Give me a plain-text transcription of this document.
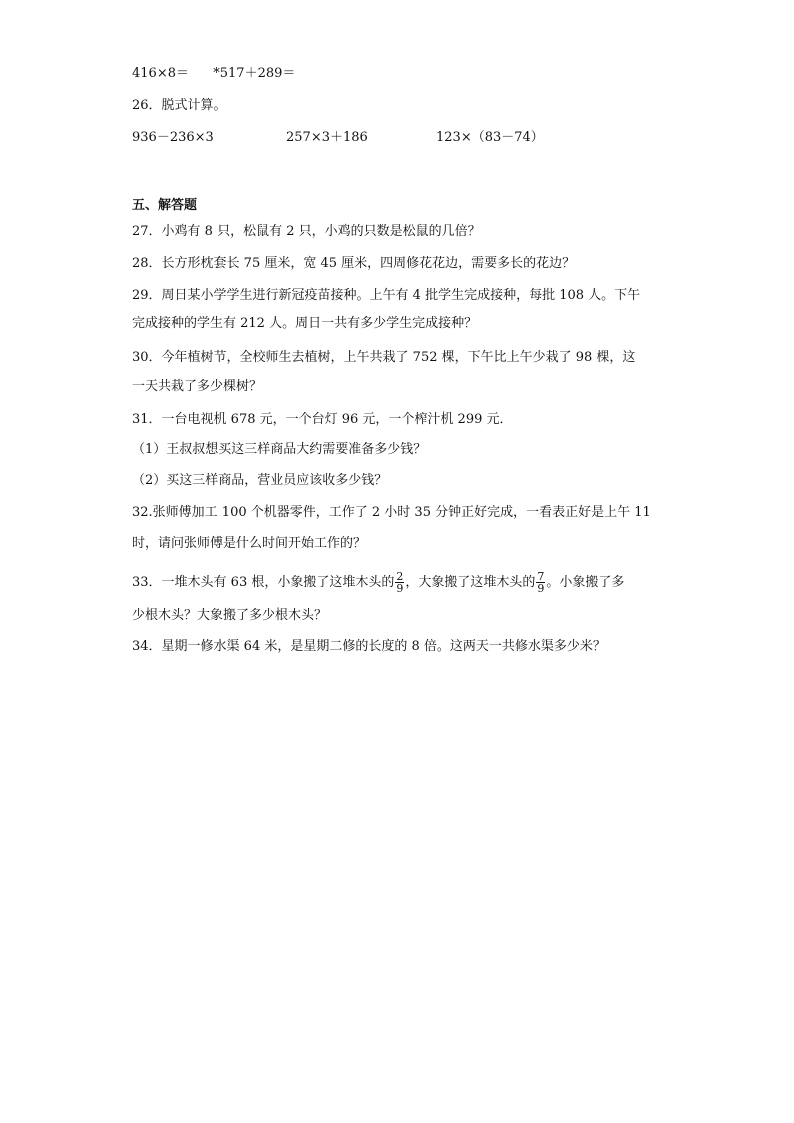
416×8＝ *517＋289＝
26．脱式计算。
936－236×3	257×3＋186	123×（83－74）
五、解答题
27．小鸡有 8 只，松鼠有 2 只，小鸡的只数是松鼠的几倍？
28．长方形枕套长 75 厘米，宽 45 厘米，四周修花花边，需要多长的花边？
29．周日某小学学生进行新冠疫苗接种。上午有 4 批学生完成接种，每批 108 人。下午
完成接种的学生有 212 人。周日一共有多少学生完成接种？
30．今年植树节，全校师生去植树，上午共栽了 752 棵，下午比上午少栽了 98 棵，这
一天共栽了多少棵树？
31．一台电视机 678 元，一个台灯 96 元，一个榨汁机 299 元．
（1）王叔叔想买这三样商品大约需要准备多少钱？
（2）买这三样商品，营业员应该收多少钱？
32.张师傅加工 100 个机器零件，工作了 2 小时 35 分钟正好完成，一看表正好是上午 11
时，请问张师傅是什么时间开始工作的？
33．一堆木头有 63 根，小象搬了这堆木头的 $\frac{2}{9}$ ，大象搬了这堆木头的 $\frac{7}{9}$ 。小象搬了多
少根木头？大象搬了多少根木头？
34．星期一修水渠 64 米，是星期二修的长度的 8 倍。这两天一共修水渠多少米？
